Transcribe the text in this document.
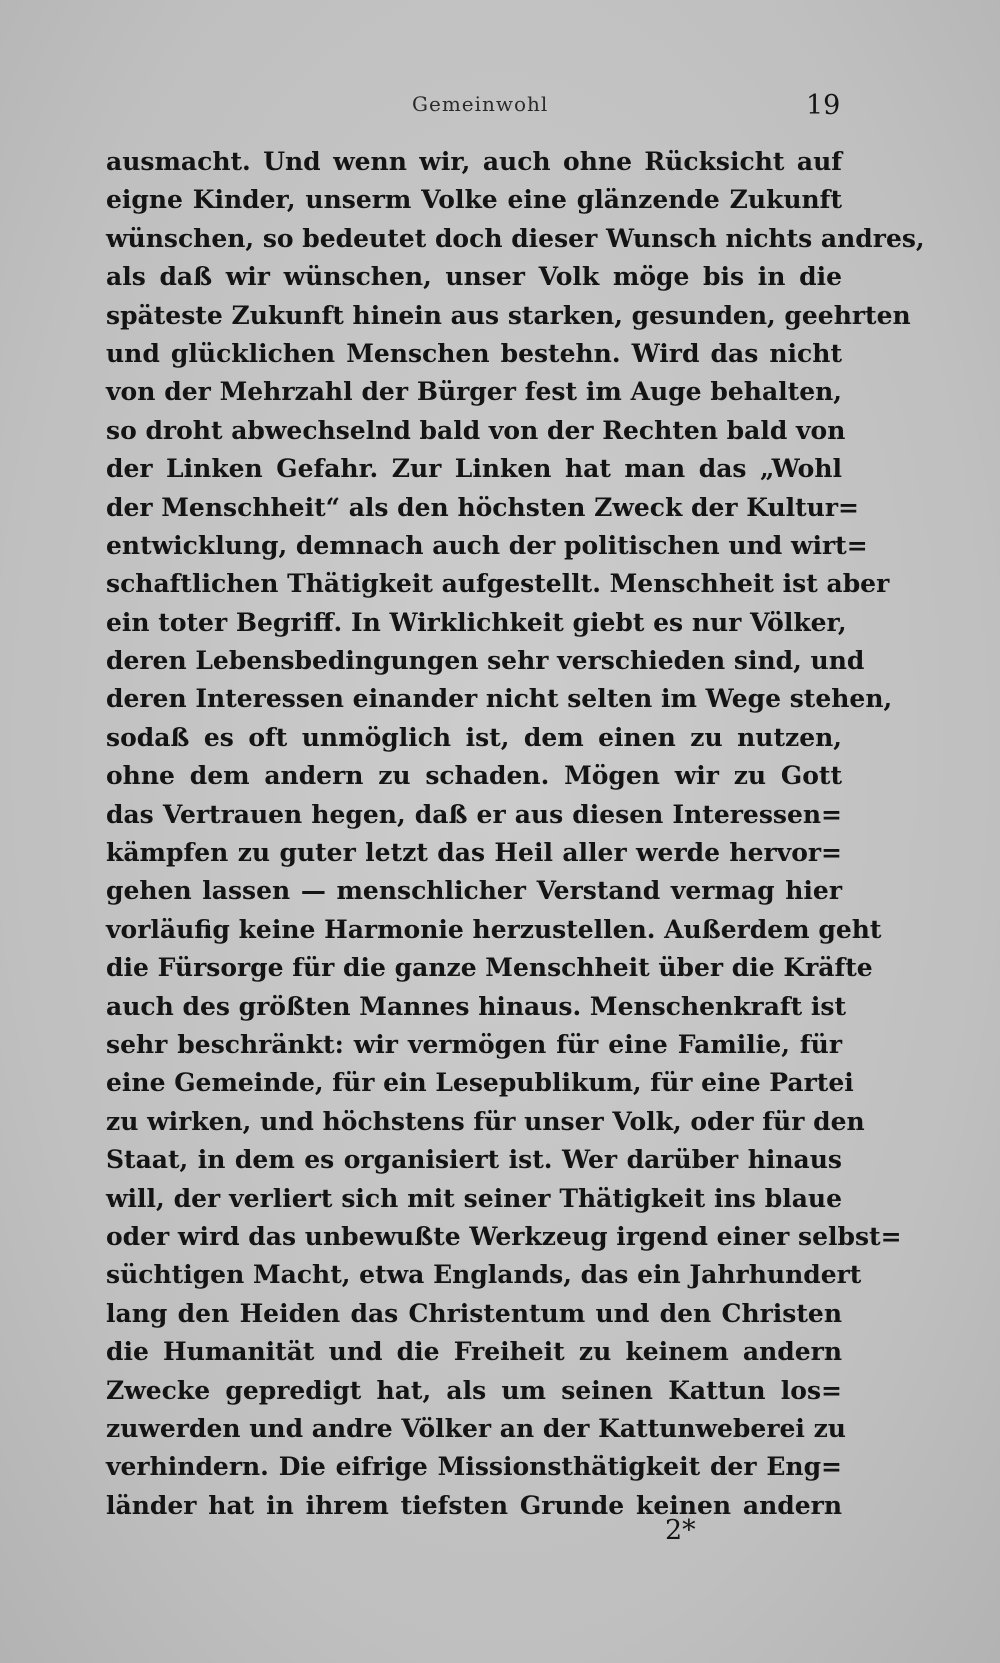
Gemeinwohl	19
ausmacht. Und wenn wir, auch ohne Rücksicht auf
eigne Kinder, unserm Volke eine glänzende Zukunft
wünschen, so bedeutet doch dieser Wunsch nichts andres,
als daß wir wünschen, unser Volk möge bis in die
späteste Zukunft hinein aus starken, gesunden, geehrten
und glücklichen Menschen bestehn. Wird das nicht
von der Mehrzahl der Bürger fest im Auge behalten,
so droht abwechselnd bald von der Rechten bald von
der Linken Gefahr. Zur Linken hat man das „Wohl
der Menschheit“ als den höchsten Zweck der Kultur=
entwicklung, demnach auch der politischen und wirt=
schaftlichen Thätigkeit aufgestellt. Menschheit ist aber
ein toter Begriff. In Wirklichkeit giebt es nur Völker,
deren Lebensbedingungen sehr verschieden sind, und
deren Interessen einander nicht selten im Wege stehen,
sodaß es oft unmöglich ist, dem einen zu nutzen,
ohne dem andern zu schaden. Mögen wir zu Gott
das Vertrauen hegen, daß er aus diesen Interessen=
kämpfen zu guter letzt das Heil aller werde hervor=
gehen lassen — menschlicher Verstand vermag hier
vorläufig keine Harmonie herzustellen. Außerdem geht
die Fürsorge für die ganze Menschheit über die Kräfte
auch des größten Mannes hinaus. Menschenkraft ist
sehr beschränkt: wir vermögen für eine Familie, für
eine Gemeinde, für ein Lesepublikum, für eine Partei
zu wirken, und höchstens für unser Volk, oder für den
Staat, in dem es organisiert ist. Wer darüber hinaus
will, der verliert sich mit seiner Thätigkeit ins blaue
oder wird das unbewußte Werkzeug irgend einer selbst=
süchtigen Macht, etwa Englands, das ein Jahrhundert
lang den Heiden das Christentum und den Christen
die Humanität und die Freiheit zu keinem andern
Zwecke gepredigt hat, als um seinen Kattun los=
zuwerden und andre Völker an der Kattunweberei zu
verhindern. Die eifrige Missionsthätigkeit der Eng=
länder hat in ihrem tiefsten Grunde keinen andern
2*
